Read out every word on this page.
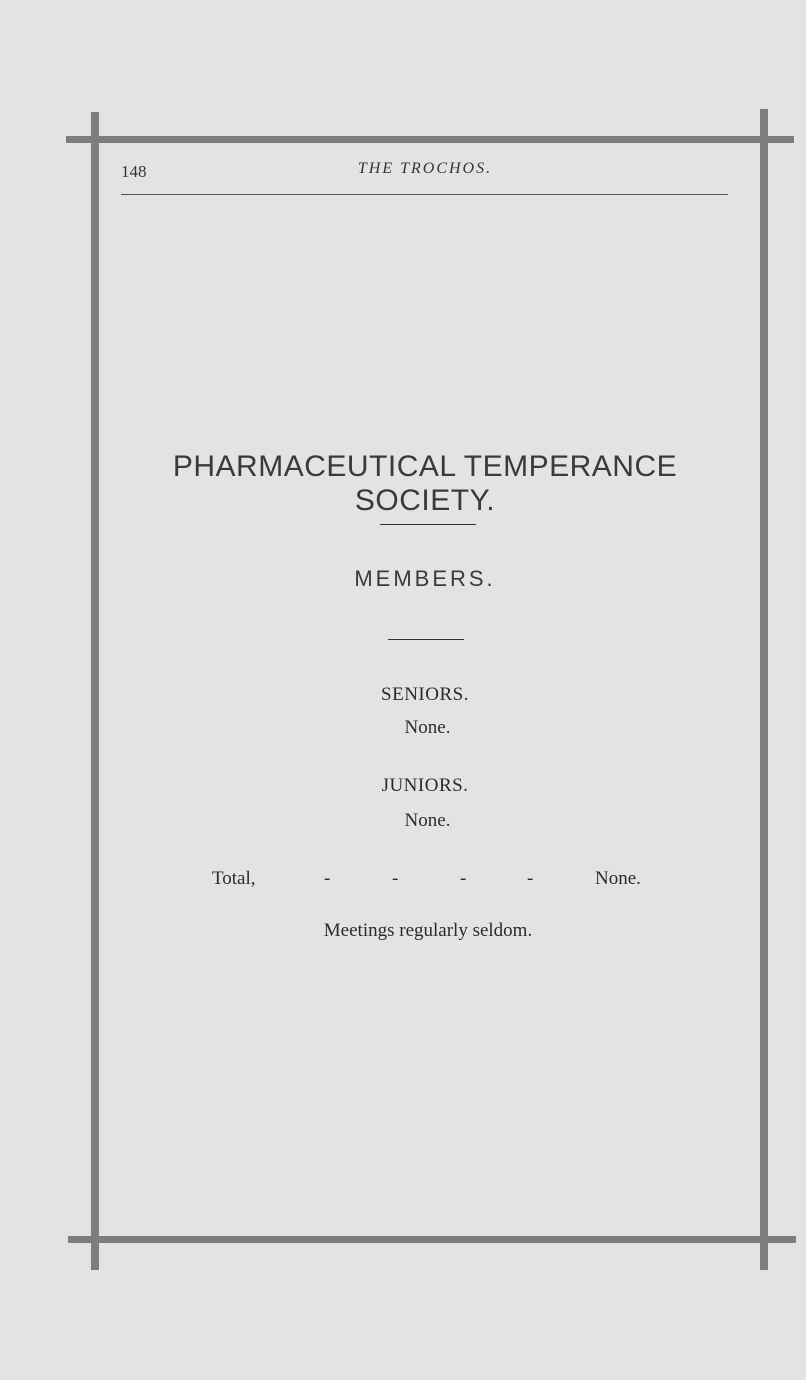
148	THE TROCHOS.
PHARMACEUTICAL TEMPERANCE SOCIETY.
MEMBERS.
SENIORS.
None.
JUNIORS.
None.
Total,	-	-	-	-	None.
Meetings regularly seldom.
